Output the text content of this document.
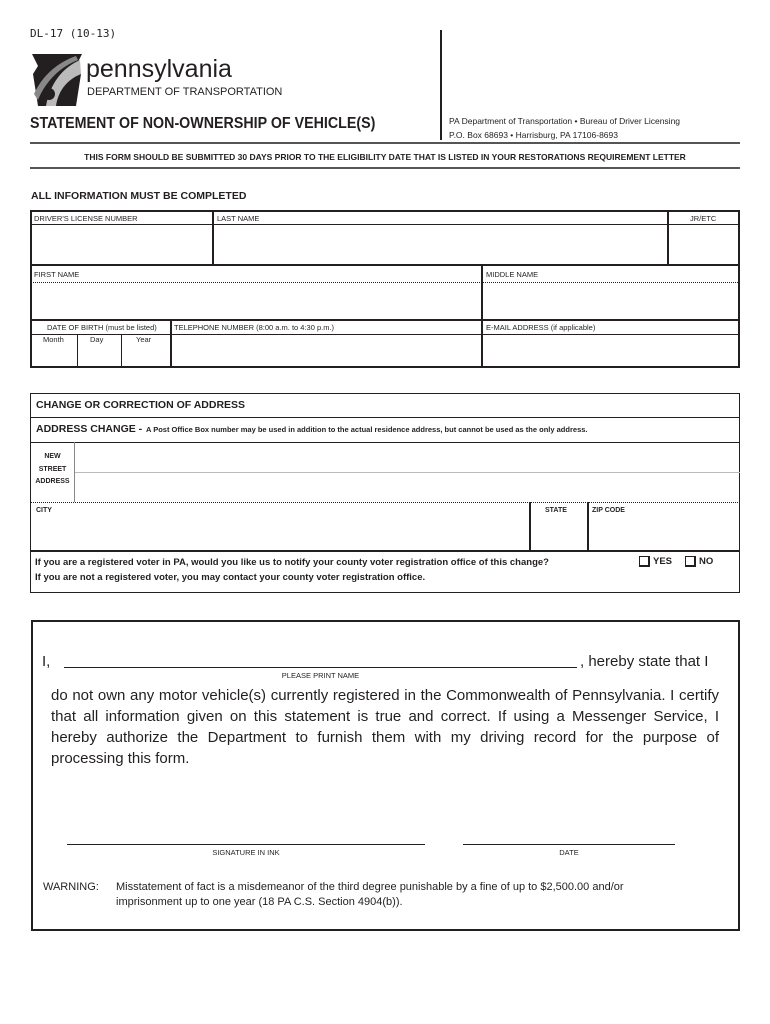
DL-17 (10-13)
pennsylvania
DEPARTMENT OF TRANSPORTATION
STATEMENT OF NON-OWNERSHIP OF VEHICLE(S)	PA Department of Transportation • Bureau of Driver Licensing
P.O. Box 68693 • Harrisburg, PA 17106-8693
THIS FORM SHOULD BE SUBMITTED 30 DAYS PRIOR TO THE ELIGIBILITY DATE THAT IS LISTED IN YOUR RESTORATIONS REQUIREMENT LETTER
ALL INFORMATION MUST BE COMPLETED
DRIVER'S LICENSE NUMBER	LAST NAME	JR/ETC
FIRST NAME	MIDDLE NAME
DATE OF BIRTH (must be listed)
Month	Day	Year
TELEPHONE NUMBER (8:00 a.m. to 4:30 p.m.)	E-MAIL ADDRESS (if applicable)
CHANGE OR CORRECTION OF ADDRESS
ADDRESS CHANGE - A Post Office Box number may be used in addition to the actual residence address, but cannot be used as the only address.
NEW
STREET
ADDRESS
CITY	STATE	ZIP CODE
If you are a registered voter in PA, would you like us to notify your county voter registration office of this change?	YES	NO
If you are not a registered voter, you may contact your county voter registration office.
I,
PLEASE PRINT NAME
, hereby state that I
do not own any motor vehicle(s) currently registered in the Commonwealth of Pennsylvania. I certify that all information given on this statement is true and correct. If using a Messenger Service, I hereby authorize the Department to furnish them with my driving record for the purpose of processing this form.
SIGNATURE IN INK	DATE
WARNING: Misstatement of fact is a misdemeanor of the third degree punishable by a fine of up to $2,500.00 and/or
imprisonment up to one year (18 PA C.S. Section 4904(b)).
